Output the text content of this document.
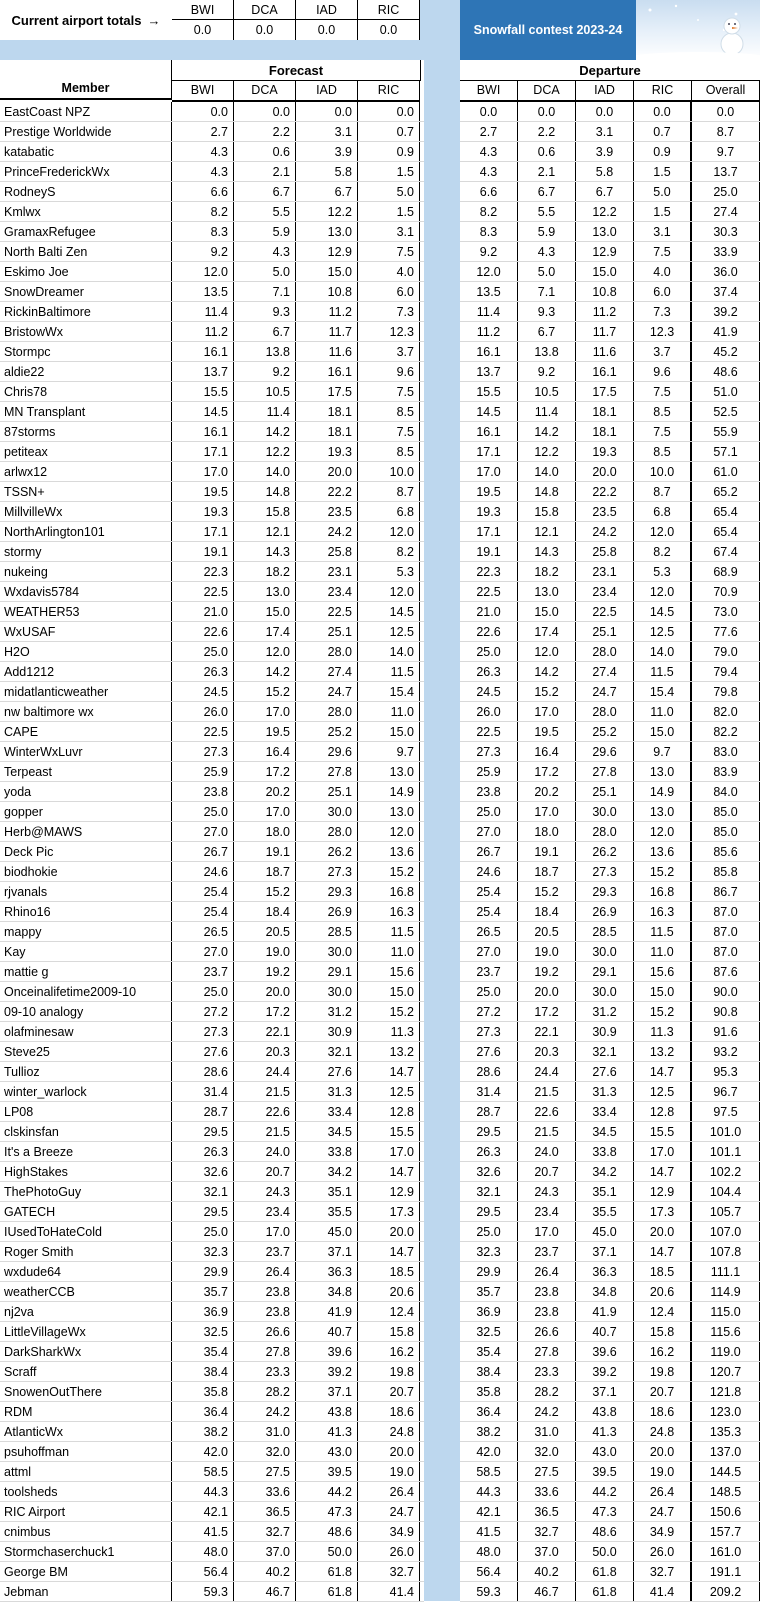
Current airport totals →
BWI	DCA	IAD	RIC
0.0	0.0	0.0	0.0	Snowfall contest 2023-24
Member
Forecast
BWI	DCA	IAD	RIC
EastCoast NPZ	0.0	0.0	0.0	0.0
Prestige Worldwide	2.7	2.2	3.1	0.7
katabatic	4.3	0.6	3.9	0.9
PrinceFrederickWx	4.3	2.1	5.8	1.5
RodneyS	6.6	6.7	6.7	5.0
Kmlwx	8.2	5.5	12.2	1.5
GramaxRefugee	8.3	5.9	13.0	3.1
North Balti Zen	9.2	4.3	12.9	7.5
Eskimo Joe	12.0	5.0	15.0	4.0
SnowDreamer	13.5	7.1	10.8	6.0
RickinBaltimore	11.4	9.3	11.2	7.3
BristowWx	11.2	6.7	11.7	12.3
Stormpc	16.1	13.8	11.6	3.7
aldie22	13.7	9.2	16.1	9.6
Chris78	15.5	10.5	17.5	7.5
MN Transplant	14.5	11.4	18.1	8.5
87storms	16.1	14.2	18.1	7.5
petiteax	17.1	12.2	19.3	8.5
arlwx12	17.0	14.0	20.0	10.0
TSSN+	19.5	14.8	22.2	8.7
MillvilleWx	19.3	15.8	23.5	6.8
NorthArlington101	17.1	12.1	24.2	12.0
stormy	19.1	14.3	25.8	8.2
nukeing	22.3	18.2	23.1	5.3
Wxdavis5784	22.5	13.0	23.4	12.0
WEATHER53	21.0	15.0	22.5	14.5
WxUSAF	22.6	17.4	25.1	12.5
H2O	25.0	12.0	28.0	14.0
Add1212	26.3	14.2	27.4	11.5
midatlanticweather	24.5	15.2	24.7	15.4
nw baltimore wx	26.0	17.0	28.0	11.0
CAPE	22.5	19.5	25.2	15.0
WinterWxLuvr	27.3	16.4	29.6	9.7
Terpeast	25.9	17.2	27.8	13.0
yoda	23.8	20.2	25.1	14.9
gopper	25.0	17.0	30.0	13.0
Herb@MAWS	27.0	18.0	28.0	12.0
Deck Pic	26.7	19.1	26.2	13.6
biodhokie	24.6	18.7	27.3	15.2
rjvanals	25.4	15.2	29.3	16.8
Rhino16	25.4	18.4	26.9	16.3
mappy	26.5	20.5	28.5	11.5
Kay	27.0	19.0	30.0	11.0
mattie g	23.7	19.2	29.1	15.6
Onceinalifetime2009-10	25.0	20.0	30.0	15.0
09-10 analogy	27.2	17.2	31.2	15.2
olafminesaw	27.3	22.1	30.9	11.3
Steve25	27.6	20.3	32.1	13.2
Tullioz	28.6	24.4	27.6	14.7
winter_warlock	31.4	21.5	31.3	12.5
LP08	28.7	22.6	33.4	12.8
clskinsfan	29.5	21.5	34.5	15.5
It's a Breeze	26.3	24.0	33.8	17.0
HighStakes	32.6	20.7	34.2	14.7
ThePhotoGuy	32.1	24.3	35.1	12.9
GATECH	29.5	23.4	35.5	17.3
IUsedToHateCold	25.0	17.0	45.0	20.0
Roger Smith	32.3	23.7	37.1	14.7
wxdude64	29.9	26.4	36.3	18.5
weatherCCB	35.7	23.8	34.8	20.6
nj2va	36.9	23.8	41.9	12.4
LittleVillageWx	32.5	26.6	40.7	15.8
DarkSharkWx	35.4	27.8	39.6	16.2
Scraff	38.4	23.3	39.2	19.8
SnowenOutThere	35.8	28.2	37.1	20.7
RDM	36.4	24.2	43.8	18.6
AtlanticWx	38.2	31.0	41.3	24.8
psuhoffman	42.0	32.0	43.0	20.0
attml	58.5	27.5	39.5	19.0
toolsheds	44.3	33.6	44.2	26.4
RIC Airport	42.1	36.5	47.3	24.7
cnimbus	41.5	32.7	48.6	34.9
Stormchaserchuck1	48.0	37.0	50.0	26.0
George BM	56.4	40.2	61.8	32.7
Jebman	59.3	46.7	61.8	41.4
Departure
BWI	DCA	IAD	RIC	Overall
0.0	0.0	0.0	0.0	0.0
2.7	2.2	3.1	0.7	8.7
4.3	0.6	3.9	0.9	9.7
4.3	2.1	5.8	1.5	13.7
6.6	6.7	6.7	5.0	25.0
8.2	5.5	12.2	1.5	27.4
8.3	5.9	13.0	3.1	30.3
9.2	4.3	12.9	7.5	33.9
12.0	5.0	15.0	4.0	36.0
13.5	7.1	10.8	6.0	37.4
11.4	9.3	11.2	7.3	39.2
11.2	6.7	11.7	12.3	41.9
16.1	13.8	11.6	3.7	45.2
13.7	9.2	16.1	9.6	48.6
15.5	10.5	17.5	7.5	51.0
14.5	11.4	18.1	8.5	52.5
16.1	14.2	18.1	7.5	55.9
17.1	12.2	19.3	8.5	57.1
17.0	14.0	20.0	10.0	61.0
19.5	14.8	22.2	8.7	65.2
19.3	15.8	23.5	6.8	65.4
17.1	12.1	24.2	12.0	65.4
19.1	14.3	25.8	8.2	67.4
22.3	18.2	23.1	5.3	68.9
22.5	13.0	23.4	12.0	70.9
21.0	15.0	22.5	14.5	73.0
22.6	17.4	25.1	12.5	77.6
25.0	12.0	28.0	14.0	79.0
26.3	14.2	27.4	11.5	79.4
24.5	15.2	24.7	15.4	79.8
26.0	17.0	28.0	11.0	82.0
22.5	19.5	25.2	15.0	82.2
27.3	16.4	29.6	9.7	83.0
25.9	17.2	27.8	13.0	83.9
23.8	20.2	25.1	14.9	84.0
25.0	17.0	30.0	13.0	85.0
27.0	18.0	28.0	12.0	85.0
26.7	19.1	26.2	13.6	85.6
24.6	18.7	27.3	15.2	85.8
25.4	15.2	29.3	16.8	86.7
25.4	18.4	26.9	16.3	87.0
26.5	20.5	28.5	11.5	87.0
27.0	19.0	30.0	11.0	87.0
23.7	19.2	29.1	15.6	87.6
25.0	20.0	30.0	15.0	90.0
27.2	17.2	31.2	15.2	90.8
27.3	22.1	30.9	11.3	91.6
27.6	20.3	32.1	13.2	93.2
28.6	24.4	27.6	14.7	95.3
31.4	21.5	31.3	12.5	96.7
28.7	22.6	33.4	12.8	97.5
29.5	21.5	34.5	15.5	101.0
26.3	24.0	33.8	17.0	101.1
32.6	20.7	34.2	14.7	102.2
32.1	24.3	35.1	12.9	104.4
29.5	23.4	35.5	17.3	105.7
25.0	17.0	45.0	20.0	107.0
32.3	23.7	37.1	14.7	107.8
29.9	26.4	36.3	18.5	111.1
35.7	23.8	34.8	20.6	114.9
36.9	23.8	41.9	12.4	115.0
32.5	26.6	40.7	15.8	115.6
35.4	27.8	39.6	16.2	119.0
38.4	23.3	39.2	19.8	120.7
35.8	28.2	37.1	20.7	121.8
36.4	24.2	43.8	18.6	123.0
38.2	31.0	41.3	24.8	135.3
42.0	32.0	43.0	20.0	137.0
58.5	27.5	39.5	19.0	144.5
44.3	33.6	44.2	26.4	148.5
42.1	36.5	47.3	24.7	150.6
41.5	32.7	48.6	34.9	157.7
48.0	37.0	50.0	26.0	161.0
56.4	40.2	61.8	32.7	191.1
59.3	46.7	61.8	41.4	209.2
